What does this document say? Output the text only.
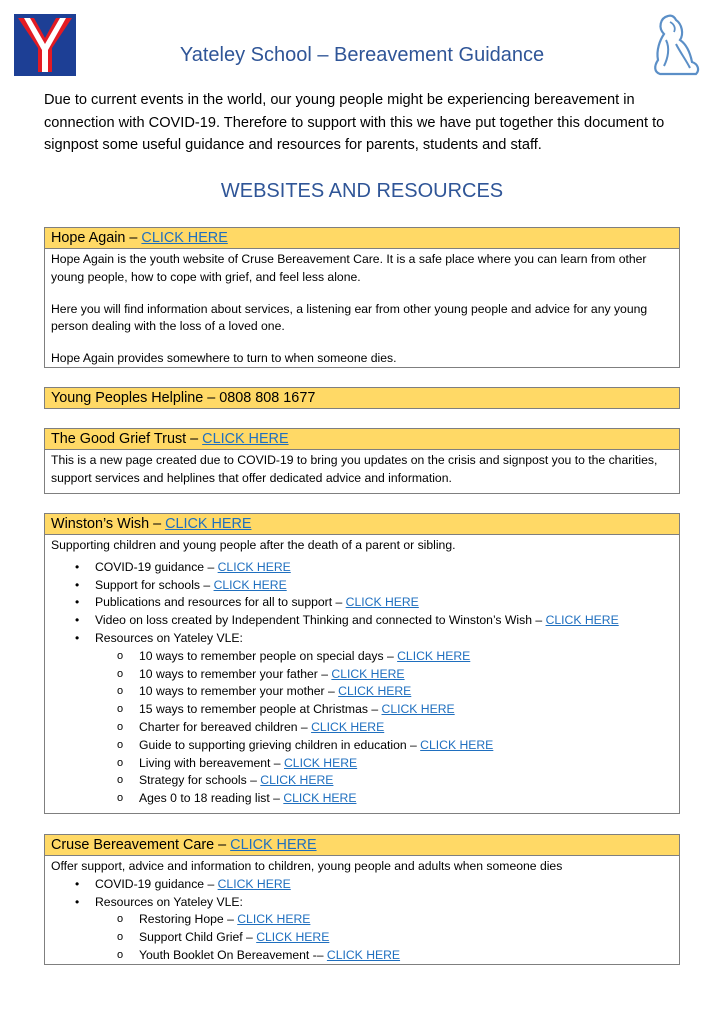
Yateley School – Bereavement Guidance
Due to current events in the world, our young people might be experiencing bereavement in connection with COVID-19. Therefore to support with this we have put together this document to signpost some useful guidance and resources for parents, students and staff.
WEBSITES AND RESOURCES
Hope Again – CLICK HERE

Hope Again is the youth website of Cruse Bereavement Care. It is a safe place where you can learn from other young people, how to cope with grief, and feel less alone.

Here you will find information about services, a listening ear from other young people and advice for any young person dealing with the loss of a loved one.

Hope Again provides somewhere to turn to when someone dies.

Young Peoples Helpline – 0808 808 1677
The Good Grief Trust – CLICK HERE

This is a new page created due to COVID-19 to bring you updates on the crisis and signpost you to the charities, support services and helplines that offer dedicated advice and information.

Winston’s Wish – CLICK HERE
Supporting children and young people after the death of a parent or sibling.
• COVID-19 guidance – CLICK HERE
• Support for schools – CLICK HERE
• Publications and resources for all to support – CLICK HERE
• Video on loss created by Independent Thinking and connected to Winston’s Wish – CLICK HERE
• Resources on Yateley VLE:
o 10 ways to remember people on special days – CLICK HERE
o 10 ways to remember your father – CLICK HERE
o 10 ways to remember your mother – CLICK HERE
o 15 ways to remember people at Christmas – CLICK HERE
o Charter for bereaved children – CLICK HERE
o Guide to supporting grieving children in education – CLICK HERE
o Living with bereavement – CLICK HERE
o Strategy for schools – CLICK HERE
o Ages 0 to 18 reading list – CLICK HERE
Cruse Bereavement Care – CLICK HERE
Offer support, advice and information to children, young people and adults when someone dies
• COVID-19 guidance – CLICK HERE
• Resources on Yateley VLE:
o Restoring Hope – CLICK HERE
o Support Child Grief – CLICK HERE
o Youth Booklet On Bereavement -– CLICK HERE
